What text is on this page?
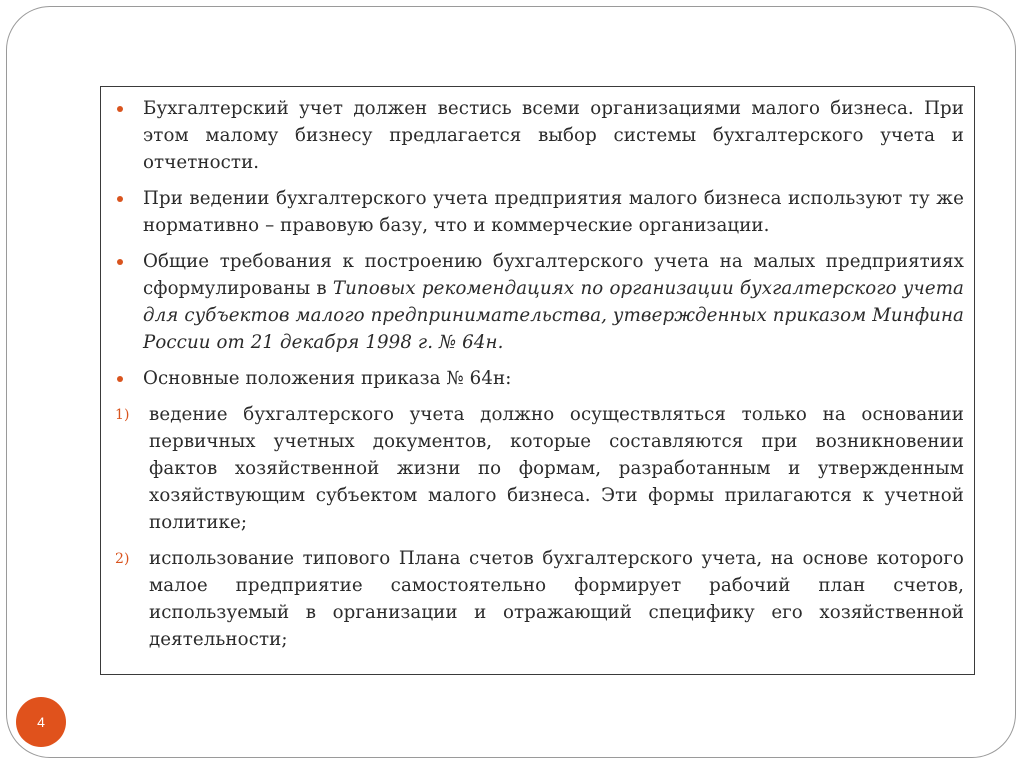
Бухгалтерский учет должен вестись всеми организациями малого бизнеса. При этом малому бизнесу предлагается выбор системы бухгалтерского учета и отчетности.
При ведении бухгалтерского учета предприятия малого бизнеса используют ту же нормативно – правовую базу, что и коммерческие организации.
Общие требования к построению бухгалтерского учета на малых предприятиях сформулированы в Типовых рекомендациях по организации бухгалтерского учета для субъектов малого предпринимательства, утвержденных приказом Минфина России от 21 декабря 1998 г. № 64н.
Основные положения приказа № 64н:
1) ведение бухгалтерского учета должно осуществляться только на основании первичных учетных документов, которые составляются при возникновении фактов хозяйственной жизни по формам, разработанным и утвержденным хозяйствующим субъектом малого бизнеса. Эти формы прилагаются к учетной политике;
2) использование типового Плана счетов бухгалтерского учета, на основе которого малое предприятие самостоятельно формирует рабочий план счетов, используемый в организации и отражающий специфику его хозяйственной деятельности;
4
